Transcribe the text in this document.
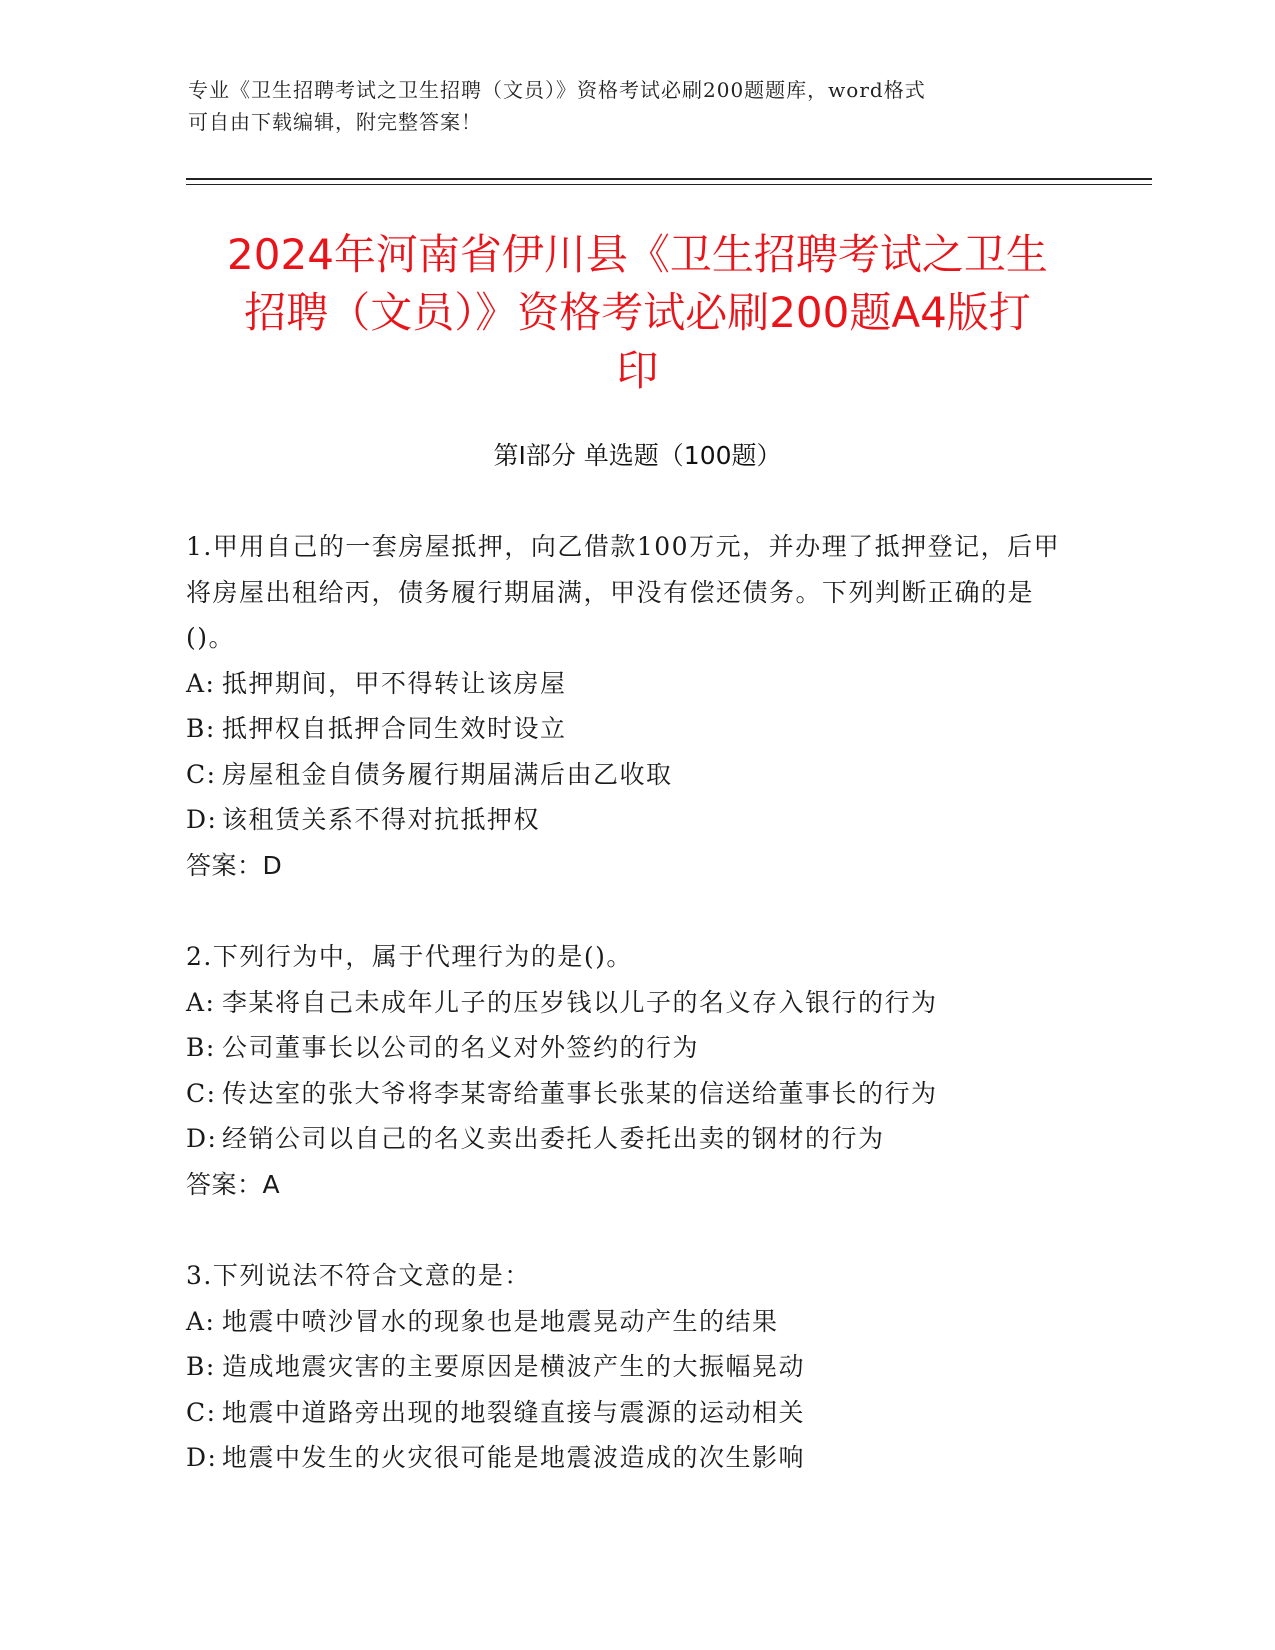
专业《卫生招聘考试之卫生招聘（文员）》资格考试必刷200题题库，word格式
可自由下载编辑，附完整答案！
2024年河南省伊川县《卫生招聘考试之卫生
招聘（文员）》资格考试必刷200题A4版打
印
第Ⅰ部分 单选题（100题）

1.甲用自己的一套房屋抵押，向乙借款100万元，并办理了抵押登记，后甲将房屋出租给丙，债务履行期届满，甲没有偿还债务。下列判断正确的是()。

A: 抵押期间，甲不得转让该房屋

B: 抵押权自抵押合同生效时设立

C: 房屋租金自债务履行期届满后由乙收取

D: 该租赁关系不得对抗抵押权

答案：D

2.下列行为中，属于代理行为的是()。

A: 李某将自己未成年儿子的压岁钱以儿子的名义存入银行的行为

B: 公司董事长以公司的名义对外签约的行为

C: 传达室的张大爷将李某寄给董事长张某的信送给董事长的行为

D: 经销公司以自己的名义卖出委托人委托出卖的钢材的行为

答案：A

3.下列说法不符合文意的是：

A: 地震中喷沙冒水的现象也是地震晃动产生的结果

B: 造成地震灾害的主要原因是横波产生的大振幅晃动

C: 地震中道路旁出现的地裂缝直接与震源的运动相关

D: 地震中发生的火灾很可能是地震波造成的次生影响
